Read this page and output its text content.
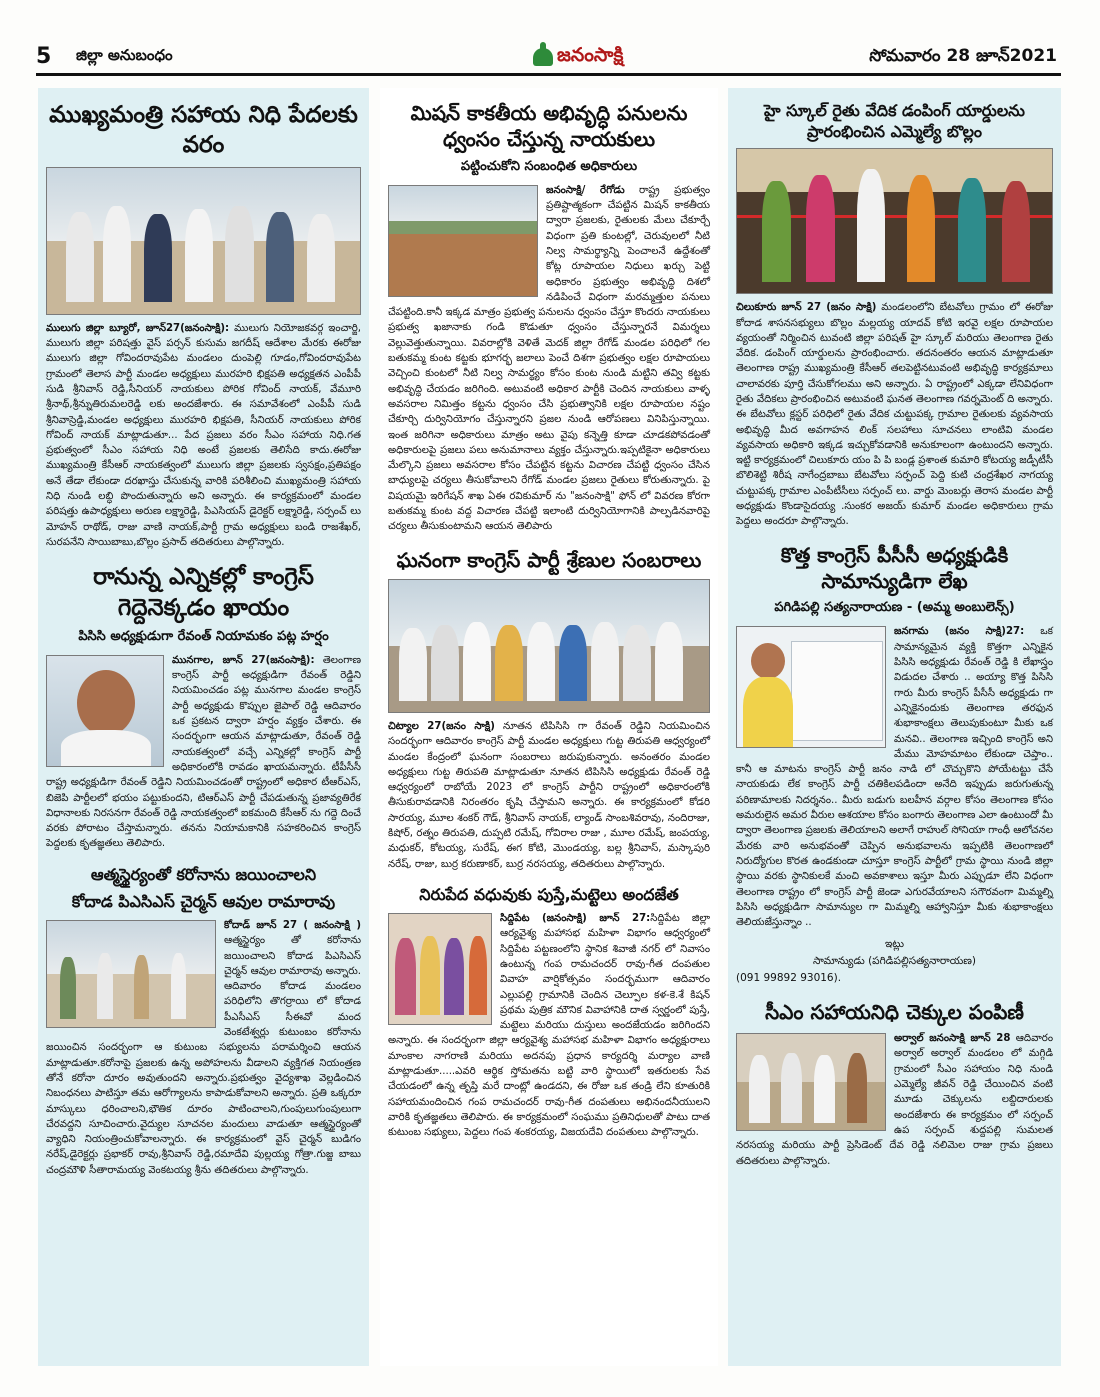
5	జిల్లా అనుబంధం	జనంసాక్షి	సోమవారం 28 జూన్2021
ముఖ్యమంత్రి సహాయ నిధి పేదలకు వరం
ములుగు జిల్లా బ్యూరో, జూన్27(జనంసాక్షి): ములుగు నియోజకవర్గ ఇంచార్జి, ములుగు జిల్లా పరిషత్తు వైస్ పర్సన్ కుసుమ జగదీష్ ఆదేశాల మేరకు ఈరోజు ములుగు జిల్లా గోవిందరావుపేట మండలం దుంపెల్లి గూడం,గోవిందరావుపేట గ్రామంలో తెలాస పార్టీ మండల అధ్యక్షులు మురహరి భిక్షపతి అధ్యక్షతన ఎంపీపీ సుడి శ్రీనివాస్ రెడ్డి,సీనియర్ నాయకులు పోరిక గోవింద్ నాయక్, వేమూరి శ్రీనాథ్,శ్రీన్నుతిరుమలరెడ్డి లకు అందజేశారు. ఈ సమావేశంలో ఎంపీపీ సుడి శ్రీనివాస్రెడ్డి,మండల అధ్యక్షులు మురహరి భిక్షపతి, సీనియర్ నాయకులు పోరిక గోవింద్ నాయక్ మాట్లాడుతూ... పేద ప్రజలు వరం సీఎం సహాయ నిధి.గత ప్రభుత్వంలో సీఎం సహాయ నిధి అంటే ప్రజలకు తెలిసేది కాదు.ఈరోజు ముఖ్యమంత్రి కేసీఆర్ నాయకత్వంలో ములుగు జిల్లా ప్రజలకు స్వసక్షం,ప్రతిపక్షం అనే తేడా లేకుండా దరఖాస్తు చేసుకున్న వారికి పరిశీలించి ముఖ్యమంత్రి సహాయ నిధి నుండి లబ్ధి పొందుతున్నారు అని అన్నారు. ఈ కార్యక్రమంలో మండల పరిషత్తు ఉపాధ్యక్షులు అరుణ లక్ష్మారెడ్డి, పిఎసియస్ డైరెక్టర్ లక్ష్మారెడ్డి, సర్పంచ్ లు మోహన్ రాథోడ్, రాజు వాణి నాయక్,పార్టీ గ్రామ అధ్యక్షులు బండి రాజశేఖర్, సురపనేని సాయిబాబు,బొల్లం ప్రసాద్ తదితరులు పాల్గొన్నారు.
రానున్న ఎన్నికల్లో కాంగ్రెస్ గెద్దెనెక్కడం ఖాయం
పిసిసి అధ్యక్షుడుగా రేవంత్ నియామకం పట్ల హర్షం
మునగాల, జూన్ 27(జనంసాక్షి): తెలంగాణ కాంగ్రెస్ పార్టీ అధ్యక్షుడిగా రేవంత్ రెడ్డిని నియమించడం పట్ల మునగాల మండల కాంగ్రెస్ పార్టీ అధ్యక్షుడు కొప్పుల జైపాల్ రెడ్డి ఆదివారం ఒక ప్రకటన ద్వారా హర్షం వ్యక్తం చేశారు. ఈ సందర్భంగా ఆయన మాట్లాడుతూ, రేవంత్ రెడ్డి నాయకత్వంలో వచ్చే ఎన్నికల్లో కాంగ్రెస్ పార్టీ అధికారంలోకి రావడం ఖాయమన్నారు. టీపీసీసీ రాష్ట్ర అధ్యక్షుడిగా రేవంత్ రెడ్డిని నియమించడంతో రాష్ట్రంలో అధికార టీఆర్ఎస్, బిజెపి పార్టీలలో భయం పట్టుకుందని, టిఆర్ఎస్ పార్టీ చేపడుతున్న ప్రజావ్యతిరేక విధానాలకు నిరసనగా రేవంత్ రెడ్డి నాయకత్వంలో ఐకమంది కేసీఆర్ ను గద్దె దించే వరకు పోరాటం చేస్తామన్నారు. తనను నియామకానికి సహకరించిన కాంగ్రెస్ పెద్దలకు కృతజ్ఞతలు తెలిపారు.
ఆత్మస్థైర్యంతో కరోనాను జయించాలని
కోదాడ పిఎసిఎస్ చైర్మన్ ఆవుల రామారావు
కోదాడ్ జూన్ 27 ( జనంసాక్షి ) ఆత్మస్థైర్యం తో కరోనాను జయించాలని కోదాడ పిఎసిఎస్ చైర్మన్ ఆవుల రామారావు అన్నారు. ఆదివారం కోదాడ మండలం పరిధిలోని తొగర్రాయి లో కోదాడ పీఎసీఎస్ సీఈవో మంద వెంకటేశ్వర్లు కుటుంబం కరోనాను జయించిన సందర్భంగా ఆ కుటుంబ సభ్యులను పరామర్శించి ఆయన మాట్లాడుతూ.కరోనాపై ప్రజలకు ఉన్న అపోహలను వీడాలని వ్యక్తిగత నియంత్రణ తోనే కరోనా దూరం అవుతుందని అన్నారు.ప్రభుత్వం వైద్యశాఖ వెల్లడించిన నిబంధనలు పాటిస్తూ తమ ఆరోగ్యాలను కాపాడుకోవాలని అన్నారు. ప్రతి ఒక్కరూ మాస్కులు ధరించాలని,భౌతిక దూరం పాటించాలని,గుంపులుగుంపులుగా చేరవద్దని సూచించారు.వైద్యుల సూచనల మందులు వాడుతూ ఆత్మస్థైర్యంతో వ్యాధిని నియంత్రించుకోవాలన్నారు. ఈ కార్యక్రమంలో వైస్ చైర్మన్ బుడిగం నరేష్,డైరెక్టర్లు ప్రభాకర్ రావు,శ్రీనివాస్ రెడ్డి,రమాదేవి పుల్లయ్య గోత్రా.గుజ్జ బాబు చంద్రమౌళి సీతారామయ్య వెంకటయ్య శ్రీను తదితరులు పాల్గొన్నారు.
మిషన్ కాకతీయ అభివృద్ధి పనులను ధ్వంసం చేస్తున్న నాయకులు
పట్టించుకోని సంబంధిత అధికారులు
జనంసాక్షి/ రేగోడు రాష్ట్ర ప్రభుత్వం ప్రతిష్టాత్మకంగా చేపట్టిన మిషన్ కాకతీయ ద్వారా ప్రజలకు, రైతులకు మేలు చేకూర్చే విధంగా ప్రతి కుంటల్లో, చెరువులలో నీటి నిల్వ సామర్థ్యాన్ని పెంచాలనే ఉద్దేశంతో కోట్ల రూపాయల నిధులు ఖర్చు పెట్టి అధికారం ప్రభుత్వం అభివృద్ధి దిశలో నడిపించే విధంగా మరమ్మత్తుల పనులు చేపట్టింది.కానీ ఇక్కడ మాత్రం ప్రభుత్వ పనులను ధ్వంసం చేస్తూ కొందరు నాయకులు ప్రభుత్వ ఖజానాకు గండి కొడుతూ ధ్వంసం చేస్తున్నారనే విమర్శలు వెల్లువెత్తుతున్నాయి. వివరాల్లోకి వెళితే మెదక్ జిల్లా రేగోడ్ మండల పరిధిలో గల బతుకమ్మ కుంట కట్టకు భూగర్భ జలాలు పెంచే దిశగా ప్రభుత్వం లక్షల రూపాయలు వెచ్చించి కుంటలో నీటి నిల్వ సామర్థ్యం కోసం కుంట నుండి మట్టిని తవ్వి కట్టకు అభివృద్ధి చేయడం జరిగింది. అటువంటి అధికార పార్టీకి చెందిన నాయకులు వాళ్ళ అవసరాల నిమిత్తం కట్టను ధ్వంసం చేసి ప్రభుత్వానికి లక్షల రూపాయల నష్టం చేకూర్చి దుర్వినియోగం చేస్తున్నారని ప్రజల నుండి ఆరోపణలు వినిపిస్తున్నాయి. ఇంత జరిగినా అధికారులు మాత్రం అటు వైపు కన్నెత్తి కూడా చూడకపోవడంతో అధికారులపై ప్రజలు పలు అనుమానాలు వ్యక్తం చేస్తున్నారు.ఇప్పటికైనా అధికారులు మేల్కొని ప్రజలు అవసరాల కోసం చేపట్టిన కట్టను విచారణ చేపట్టి ధ్వంసం చేసిన బాధ్యులపై చర్యలు తీసుకోవాలని రేగోడ్ మండల ప్రజలు రైతులు కోరుతున్నారు. పై విషయమై ఇరిగేషన్ శాఖ ఏఈ రవికుమార్ ను "జనంసాక్షి" ఫోన్ లో వివరణ కోరగా బతుకమ్మ కుంట వద్ద విచారణ చేపట్టి ఇలాంటి దుర్వినియోగానికి పాల్పడినవారిపై చర్యలు తీసుకుంటామని ఆయన తెలిపారు
ఘనంగా కాంగ్రెస్ పార్టీ శ్రేణుల సంబరాలు
చిట్యాల 27(జనం సాక్షి) నూతన టిపిసిసి గా రేవంత్ రెడ్డిని నియమించిన సందర్భంగా ఆదివారం కాంగ్రెస్ పార్టీ మండల అధ్యక్షులు గుట్ట తిరుపతి ఆధ్వర్యంలో మండల కేంద్రంలో ఘనంగా సంబరాలు జరుపుకున్నారు. అనంతరం మండల అధ్యక్షులు గుట్ట తిరుపతి మాట్లాడుతూ నూతన టిపిసిసి అధ్యక్షుడు రేవంత్ రెడ్డి ఆధ్వర్యంలో రాబోయే 2023 లో కాంగ్రెస్ పార్టీని రాష్ట్రంలో అధికారంలోకి తీసుకురావడానికి నిరంతరం కృషి చేస్తామని అన్నారు. ఈ కార్యక్రమంలో కోడరి సారయ్య, మూల శంకర్ గౌడ్, శ్రీనివాస్ నాయక్, ల్యాండ్ సాంబశివరావు, నందిరాజు, కిషోర్, రత్నం తిరుపతి, దుప్పటి రమేష్, గోవిరాల రాజు , మూల రమేష్, జంపయ్య, మధుకర్, కోటయ్య, సురేష్, ఈగ కోటి, మొండయ్య, బల్ల శ్రీనివాస్, మస్కాపురి నరేష్, రాజు, బుర్ర కరుణాకర్, బుర్ర నరసయ్య, తదితరులు పాల్గొన్నారు.
నిరుపేద వధువుకు పుస్తే,మట్టెలు అందజేత
సిద్దిపేట (జనంసాక్షి) జూన్ 27:సిద్దిపేట జిల్లా ఆర్యవైశ్య మహాసభ మహిళా విభాగం ఆధ్వర్యంలో సిద్దిపేట పట్టణంలోని స్థానిక శివాజీ నగర్ లో నివాసం ఉంటున్న గంప రామచందర్ రావు-గీత దంపతుల వివాహ వార్షికోత్సవం సందర్భముగా ఆదివారం ఎల్లుపల్లి గ్రామానికి చెందిన చెల్పూల కళ-కె.శే కిషన్ ప్రథమ పుత్రిక మౌనిక వివాహానికి దాత స్వర్ణంలో పుస్తే, మట్టెలు మరియు దుస్తులు అందజేయడం జరిగిందని అన్నారు. ఈ సందర్భంగా జిల్లా ఆర్యవైశ్య మహాసభ మహిళా విభాగం అధ్యక్షురాలు మాంకాల నాగరాణి మరియు అదనపు ప్రధాన కార్యదర్శి మర్యాల వాణి మాట్లాడుతూ.....ఎవరి ఆర్థిక స్తోమతను బట్టి వారి స్థాయిలో ఇతరులకు సేవ చేయడంలో ఉన్న తృప్తి మరే దాంట్లో ఉండదని, ఈ రోజు ఒక తండ్రి లేని కూతురికి సహాయమందించిన గంప రామచందర్ రావు-గీత దంపతులు అభినందనీయులని వారికి కృతజ్ఞతలు తెలిపారు. ఈ కార్యక్రమంలో సంఘము ప్రతినిధులతో పాటు దాత కుటుంబ సభ్యులు, పెద్దలు గంప శంకరయ్య, విజయదేవి దంపతులు పాల్గొన్నారు.
హై స్కూల్ రైతు వేదిక డంపింగ్ యార్డులను ప్రారంభించిన ఎమ్మెల్యే బొల్లం
చిలుకూరు జూన్ 27 (జనం సాక్షి) మండలంలోని బేటవోలు గ్రామం లో ఈరోజు కోదాడ శాసనసభ్యులు బొల్లం మల్లయ్య యాదవ్ కోటి ఇరవై లక్షల రూపాయల వ్యయంతో నిర్మించిన టువంటి జిల్లా పరిషత్ హై స్కూల్ మరియు తెలంగాణ రైతు వేదిక. డంపింగ్ యార్డులను ప్రారంభించారు. తదనంతరం ఆయన మాట్లాడుతూ తెలంగాణ రాష్ట్ర ముఖ్యమంత్రి కేసీఆర్ తలపెట్టినటువంటి అభివృద్ధి కార్యక్రమాలు చాలావరకు పూర్తి చేసుకోగలము అని అన్నారు. ఏ రాష్ట్రంలో ఎక్కడా లేనివిధంగా రైతు వేదికలు ప్రారంభించిన అటువంటి ఘనత తెలంగాణ గవర్నమెంట్ ది అన్నారు. ఈ బేటవోలు క్లస్టర్ పరిధిలో రైతు వేదిక చుట్టుపక్క గ్రామాల రైతులకు వ్యవసాయ అభివృద్ధి మీద అవగాహన లింక్ సలహాలు సూచనలు లాంటివి మండల వ్యవసాయ అధికారి ఇక్కడ ఇచ్చుకోవడానికి అనుకూలంగా ఉంటుందని అన్నారు. ఇట్టి కార్యక్రమంలో చిలుకూరు యం పి పి బండ్ల ప్రశాంత కుమారి కోటయ్య జడ్పీటీసీ బొలిశెట్టి శిరీష నాగేంద్రబాబు బేటవోలు సర్పంచ్ పెద్ది కుటి చంద్రశేఖర నాగయ్య చుట్టుపక్క గ్రామాల ఎంపీటీసీలు సర్పంచ్ లు. వార్డు మెంబర్లు తెరాస మండల పార్టీ అధ్యక్షుడు కొండాసైదయ్య .సుంకర అజయ్ కుమార్ మండల అధికారులు గ్రామ పెద్దలు అందరూ పాల్గొన్నారు.
కొత్త కాంగ్రెస్ పీసీసీ అధ్యక్షుడికి సామాన్యుడిగా లేఖ
పగిడిపల్లి సత్యనారాయణ - (అమ్మ అంబులెన్స్)
జనగామ (జనం సాక్షి)27: ఒక సామాన్యమైన వ్యక్తి కొత్తగా ఎన్నికైన పిసిసి అధ్యక్షుడు రేవంత్ రెడ్డి కి లేఖాస్త్రం విడుదల చేశారు .. అయ్యా కొత్త పిసిసి గారు మీరు కాంగ్రెస్ పీసీసీ అధ్యక్షుడు గా ఎన్నికైనందుకు తెలంగాణ తరఫున శుభాకాంక్షలు తెలుపుకుంటూ మీకు ఒక మనవి.. తెలంగాణ ఇచ్చింది కాంగ్రెస్ అని మేము మోహమాటం లేకుండా చెప్తాం.. కానీ ఆ మాటను కాంగ్రెస్ పార్టీ జనం నాడి లో చొచ్చుకొని పోయేటట్టు చేసే నాయకుడు లేక కాంగ్రెస్ పార్టీ చతికిలపడిందా అనేది ఇప్పుడు జరుగుతున్న పరిణామాలకు నిదర్శనం.. మీరు బడుగు బలహీన వర్గాల కోసం తెలంగాణ కోసం అమరులైన అమర వీరుల ఆశయాల కోసం బంగారు తెలంగాణ ఎలా ఉంటుందో మీ ద్వారా తెలంగాణ ప్రజలకు తెలియాలని అలాగే రాహుల్ సోనియా గాంధీ ఆలోచనల మేరకు వారి అనుభవంతో చెప్పిన అనుభవాలను ఇప్పటికి తెలంగాణలో నిరుద్యోగుల కొరత ఉండకుండా చూస్తూ కాంగ్రెస్ పార్టీలో గ్రామ స్థాయి నుండి జిల్లా స్థాయి వరకు స్థానికులకే మంచి అవకాశాలు ఇస్తూ మీరు ఎప్పుడూ లేని విధంగా తెలంగాణ రాష్ట్రం లో కాంగ్రెస్ పార్టీ జెండా ఎగురవేయాలని సగౌరవంగా మిమ్మల్ని పిసిసి అధ్యక్షుడిగా సామాన్యుల గా మిమ్మల్ని ఆహ్వానిస్తూ మీకు శుభాకాంక్షలు తెలియజేస్తున్నాం ..
ఇట్లు
సామాన్యుడు (పగిడిపల్లిసత్యనారాయణ)
(091 99892 93016).
సీఎం సహాయనిధి చెక్కుల పంపిణీ
అర్వాల్ జనంసాక్షి జూన్ 28 ఆదివారం అర్వాల్ అర్వాల్ మండలం లో మగ్గిడి గ్రామంలో సీఎం సహాయం నిధి నుండి ఎమ్మెల్యే జీవన్ రెడ్డి చేయించిన వంటి మూడు చెక్కులను లబ్దిదారులకు అందజేశారు ఈ కార్యక్రమం లో సర్పంచ్ ఉప సర్పంచ్ శుద్దపల్లి సుమలత నరసయ్య మరియు పార్టీ ప్రెసిడెంట్ దేవ రెడ్డి నలిమెల రాజు గ్రామ ప్రజలు తదితరులు పాల్గొన్నారు.
